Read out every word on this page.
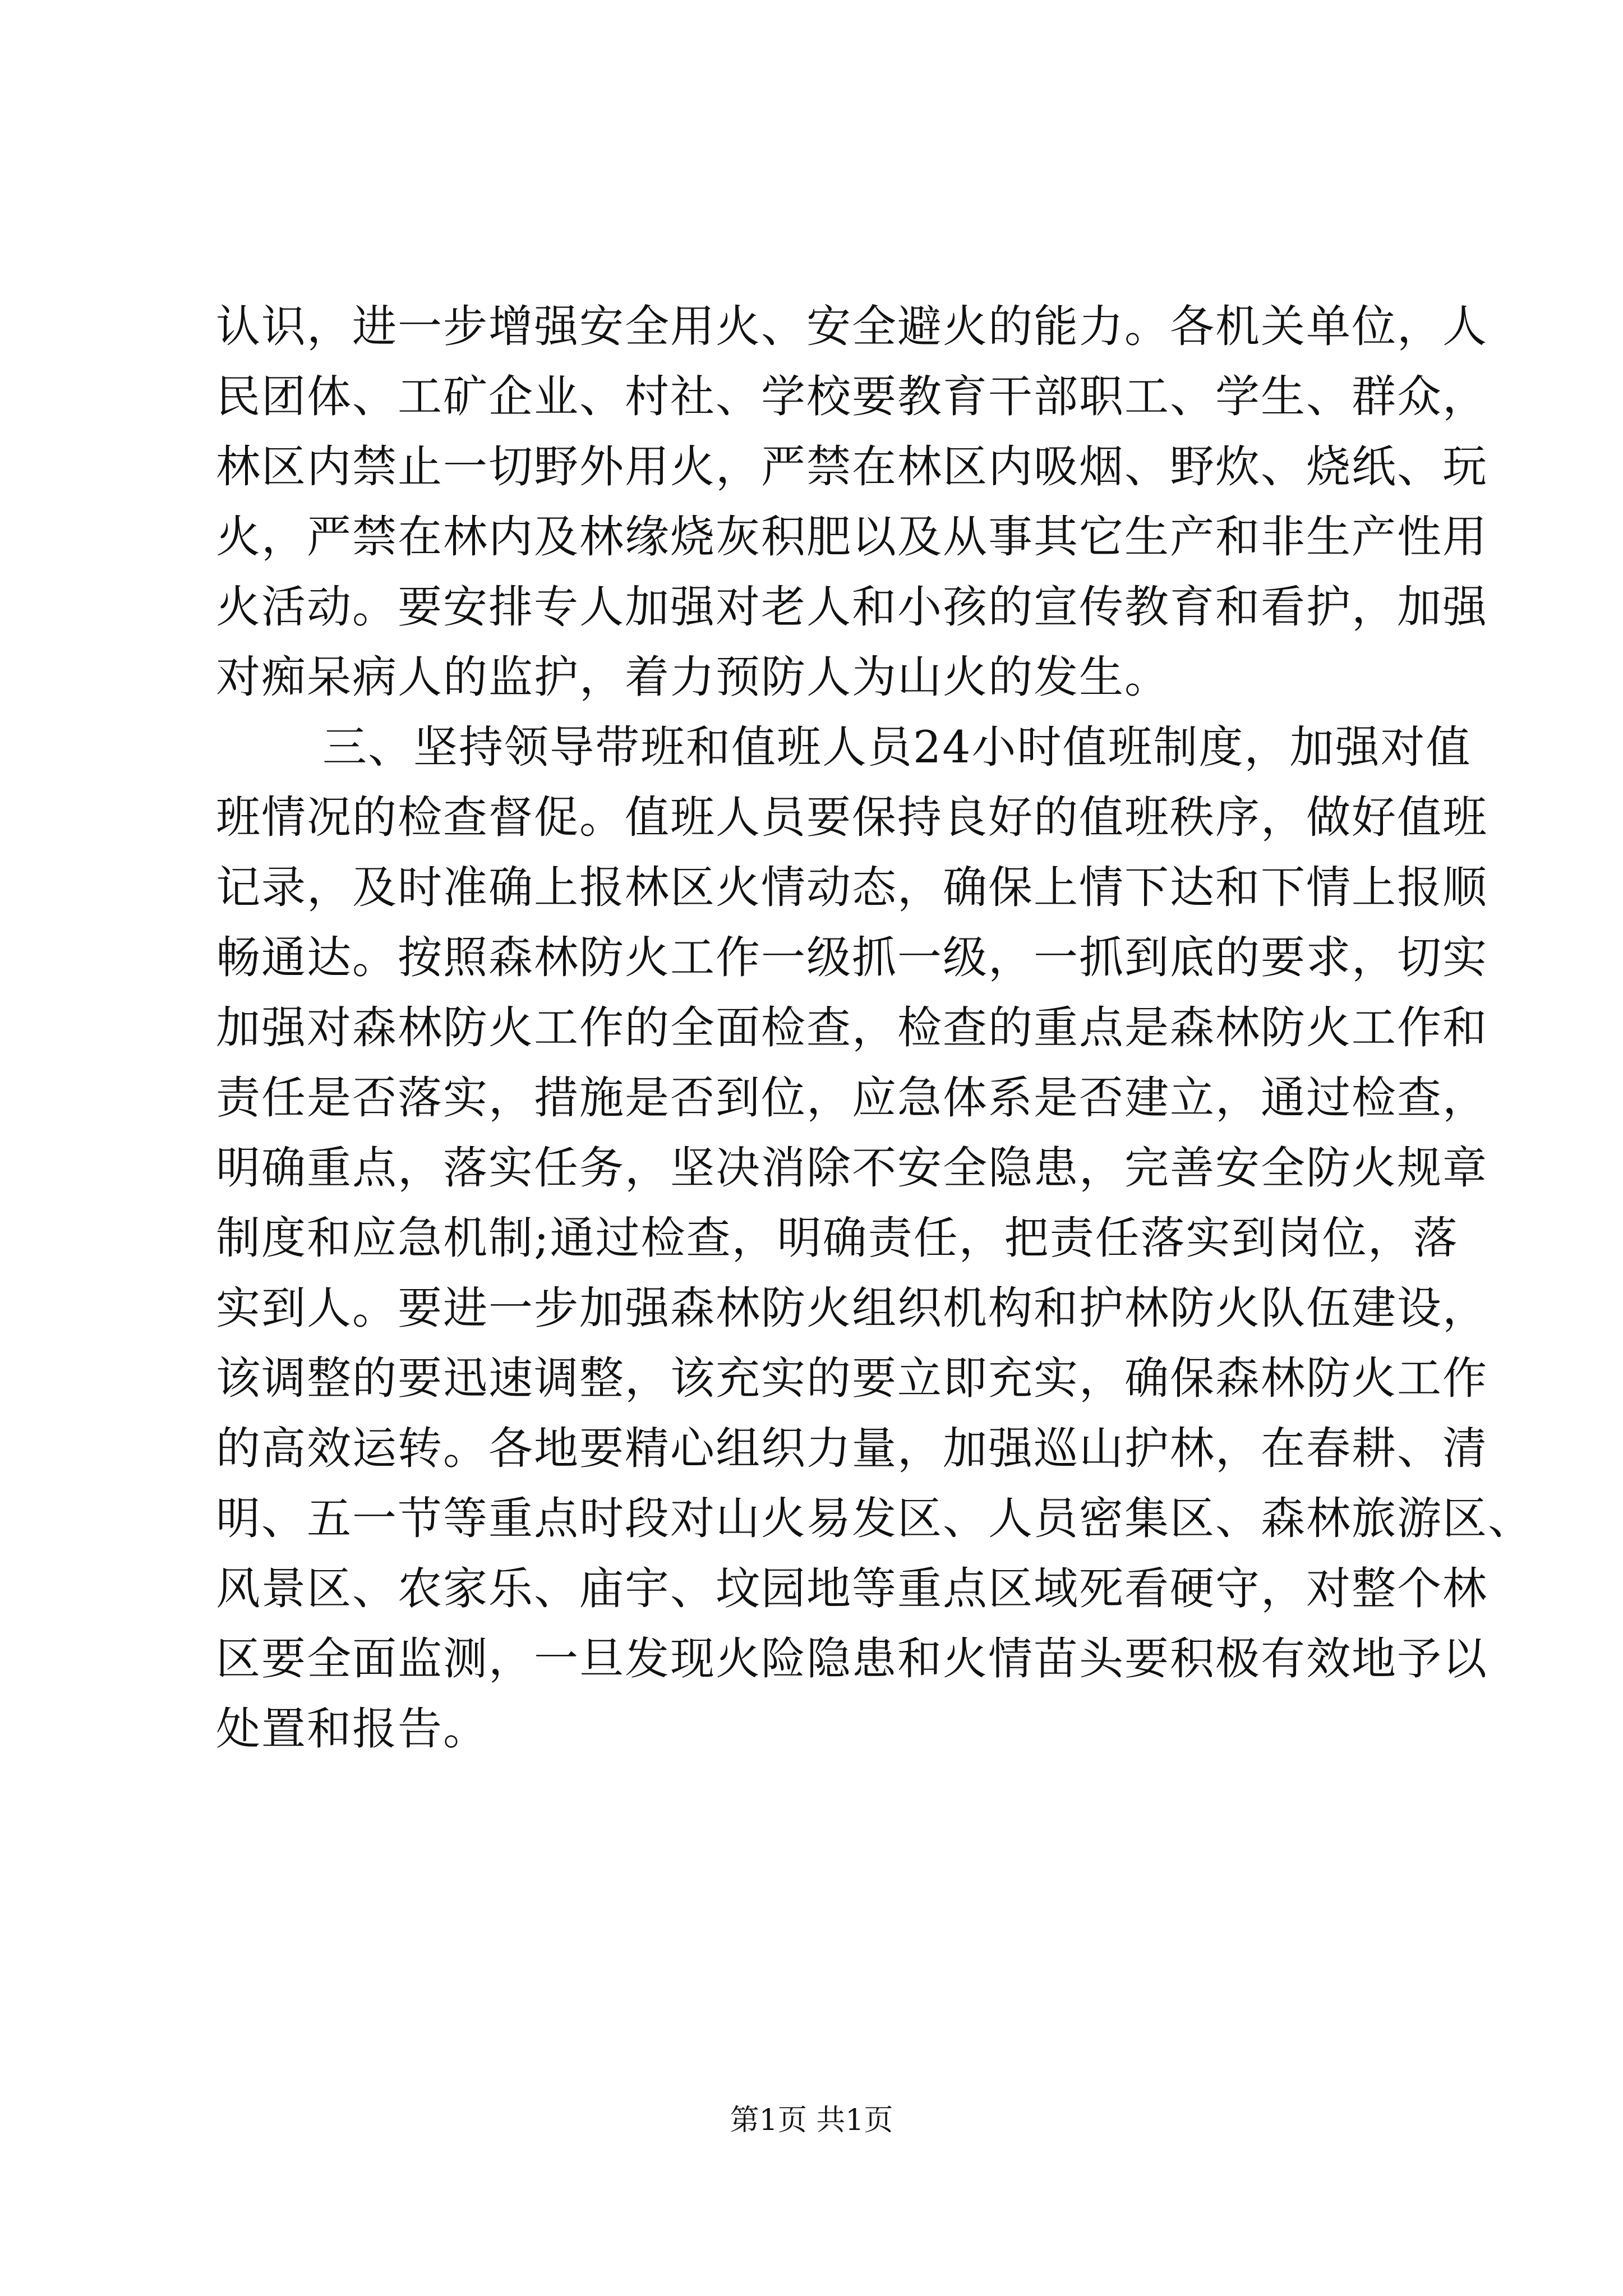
认识，进一步增强安全用火、安全避火的能力。各机关单位，人
民团体、工矿企业、村社、学校要教育干部职工、学生、群众，
林区内禁止一切野外用火，严禁在林区内吸烟、野炊、烧纸、玩
火，严禁在林内及林缘烧灰积肥以及从事其它生产和非生产性用
火活动。要安排专人加强对老人和小孩的宣传教育和看护，加强
对痴呆病人的监护，着力预防人为山火的发生。
三、坚持领导带班和值班人员24小时值班制度，加强对值
班情况的检查督促。值班人员要保持良好的值班秩序，做好值班
记录，及时准确上报林区火情动态，确保上情下达和下情上报顺
畅通达。按照森林防火工作一级抓一级，一抓到底的要求，切实
加强对森林防火工作的全面检查，检查的重点是森林防火工作和
责任是否落实，措施是否到位，应急体系是否建立，通过检查，
明确重点，落实任务，坚决消除不安全隐患，完善安全防火规章
制度和应急机制;通过检查，明确责任，把责任落实到岗位，落
实到人。要进一步加强森林防火组织机构和护林防火队伍建设，
该调整的要迅速调整，该充实的要立即充实，确保森林防火工作
的高效运转。各地要精心组织力量，加强巡山护林，在春耕、清
明、五一节等重点时段对山火易发区、人员密集区、森林旅游区、
风景区、农家乐、庙宇、坟园地等重点区域死看硬守，对整个林
区要全面监测，一旦发现火险隐患和火情苗头要积极有效地予以
处置和报告。
第1页 共1页
